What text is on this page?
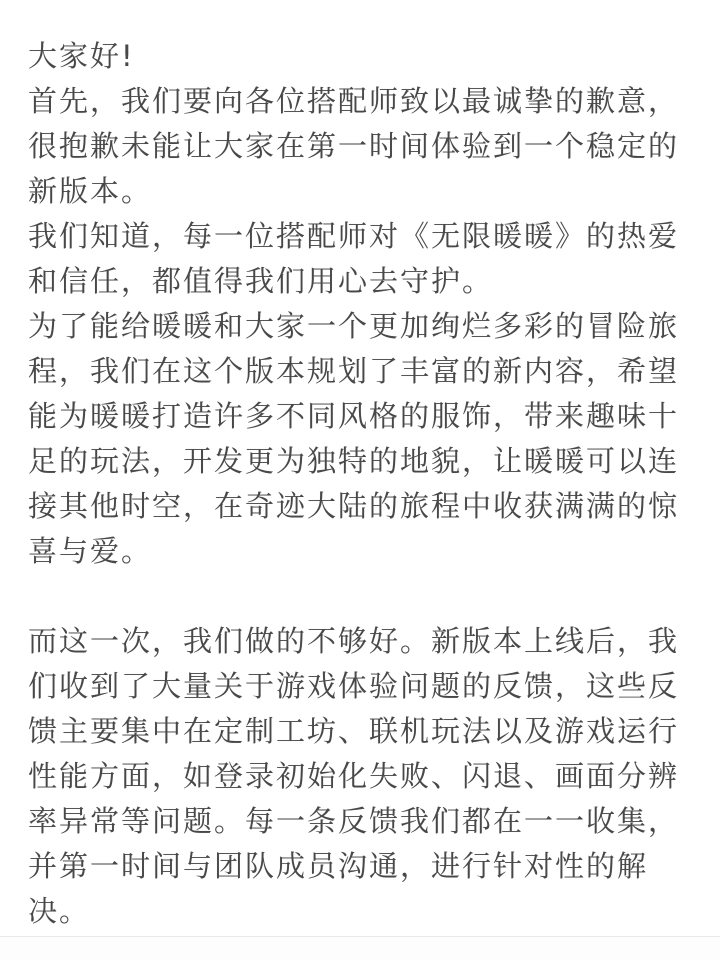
大家好!
首先，我们要向各位搭配师致以最诚挚的歉意，
很抱歉未能让大家在第一时间体验到一个稳定的
新版本。
我们知道，每一位搭配师对《无限暖暖》的热爱
和信任，都值得我们用心去守护。
为了能给暖暖和大家一个更加绚烂多彩的冒险旅
程，我们在这个版本规划了丰富的新内容，希望
能为暖暖打造许多不同风格的服饰，带来趣味十
足的玩法，开发更为独特的地貌，让暖暖可以连
接其他时空，在奇迹大陆的旅程中收获满满的惊
喜与爱。
而这一次，我们做的不够好。新版本上线后，我
们收到了大量关于游戏体验问题的反馈，这些反
馈主要集中在定制工坊、联机玩法以及游戏运行
性能方面，如登录初始化失败、闪退、画面分辨
率异常等问题。每一条反馈我们都在一一收集，
并第一时间与团队成员沟通，进行针对性的解
决。
